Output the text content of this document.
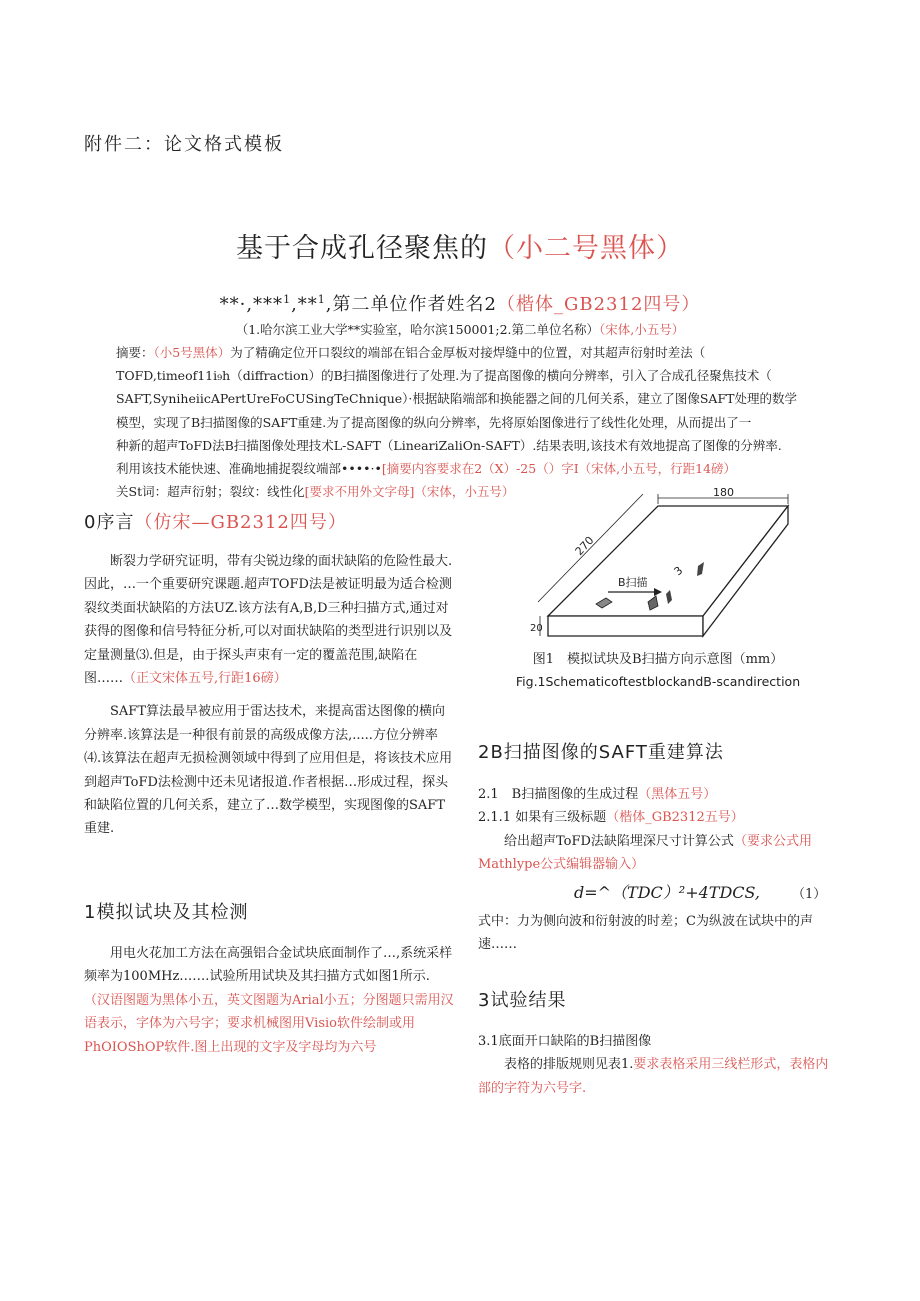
附件二：论文格式模板
基于合成孔径聚焦的（小二号黑体）
**·,***$^1$,**$^1$,第二单位作者姓名2（楷体_GB2312四号）
（1.哈尔滨工业大学**实验室，哈尔滨150001;2.第二单位名称）（宋体,小五号）
摘要：（小5号黑体）为了精确定位开口裂纹的端部在铝合金厚板对接焊缝中的位置，对其超声衍射时差法（
TOFD,timeof11i₉h（diffraction）的B扫描图像进行了处理.为了提高图像的横向分辨率，引入了合成孔径聚焦技术（
SAFT,SyniheiicAPertUreFoCUSingTeChnique）·根据缺陷端部和换能器之间的几何关系，建立了图像SAFT处理的数学
模型，实现了B扫描图像的SAFT重建.为了提高图像的纵向分辨率，先将原始图像进行了线性化处理，从而提出了一
种新的超声ToFD法B扫描图像处理技术L-SAFT（LineariZaliOn-SAFT）.结果表明,该技术有效地提高了图像的分辨率.
利用该技术能快速、准确地捕捉裂纹端部••••·•[摘要内容要求在2（X）-25（）字I（宋体,小五号，行距14磅）
关St词：超声衍射；裂纹：线性化[要求不用外文字母]（宋体，小五号）
0序言（仿宋—GB2312四号）

断裂力学研究证明，带有尖锐边缘的面状缺陷的危险性最大.因此，…一个重要研究课题.超声TOFD法是被证明最为适合检测裂纹类面状缺陷的方法UZ.该方法有A,B,D三种扫描方式,通过对获得的图像和信号特征分析,可以对面状缺陷的类型进行识别以及定量测量⑶.但是，由于探头声束有一定的覆盖范围,缺陷在图……（正文宋体五号,行距16磅）

SAFT算法最早被应用于雷达技术，来提高雷达图像的横向分辨率.该算法是一种很有前景的高级成像方法,.....方位分辨率⑷.该算法在超声无损检测领域中得到了应用但是，将该技术应用到超声ToFD法检测中还未见诸报道.作者根据…形成过程，探头和缺陷位置的几何关系，建立了…数学模型，实现图像的SAFT重建.

1模拟试块及其检测

用电火花加工方法在高强铝合金试块底面制作了…,系统采样频率为100MHz…….试验所用试块及其扫描方式如图1所示.（汉语图题为黑体小五，英文图题为Arial小五；分图题只需用汉语表示，字体为六号字；要求机械图用Visio软件绘制或用PhOIOShOP软件.图上出现的文字及字母均为六号

180
270
20
B扫描
3
图1　模拟试块及B扫描方向示意图（mm）
Fig.1SchematicoftestblockandB-scandirection
2B扫描图像的SAFT重建算法

2.1　B扫描图像的生成过程（黑体五号）

2.1.1 如果有三级标题（楷体_GB2312五号）

给出超声ToFD法缺陷埋深尺寸计算公式（要求公式用Mathlype公式编辑器输入）

d=^（TDC）²+4TDCS, （1）

式中：力为侧向波和衍射波的时差；C为纵波在试块中的声速……

3试验结果

3.1底面开口缺陷的B扫描图像

表格的排版规则见表1.要求表格采用三线栏形式，表格内部的字符为六号字.
